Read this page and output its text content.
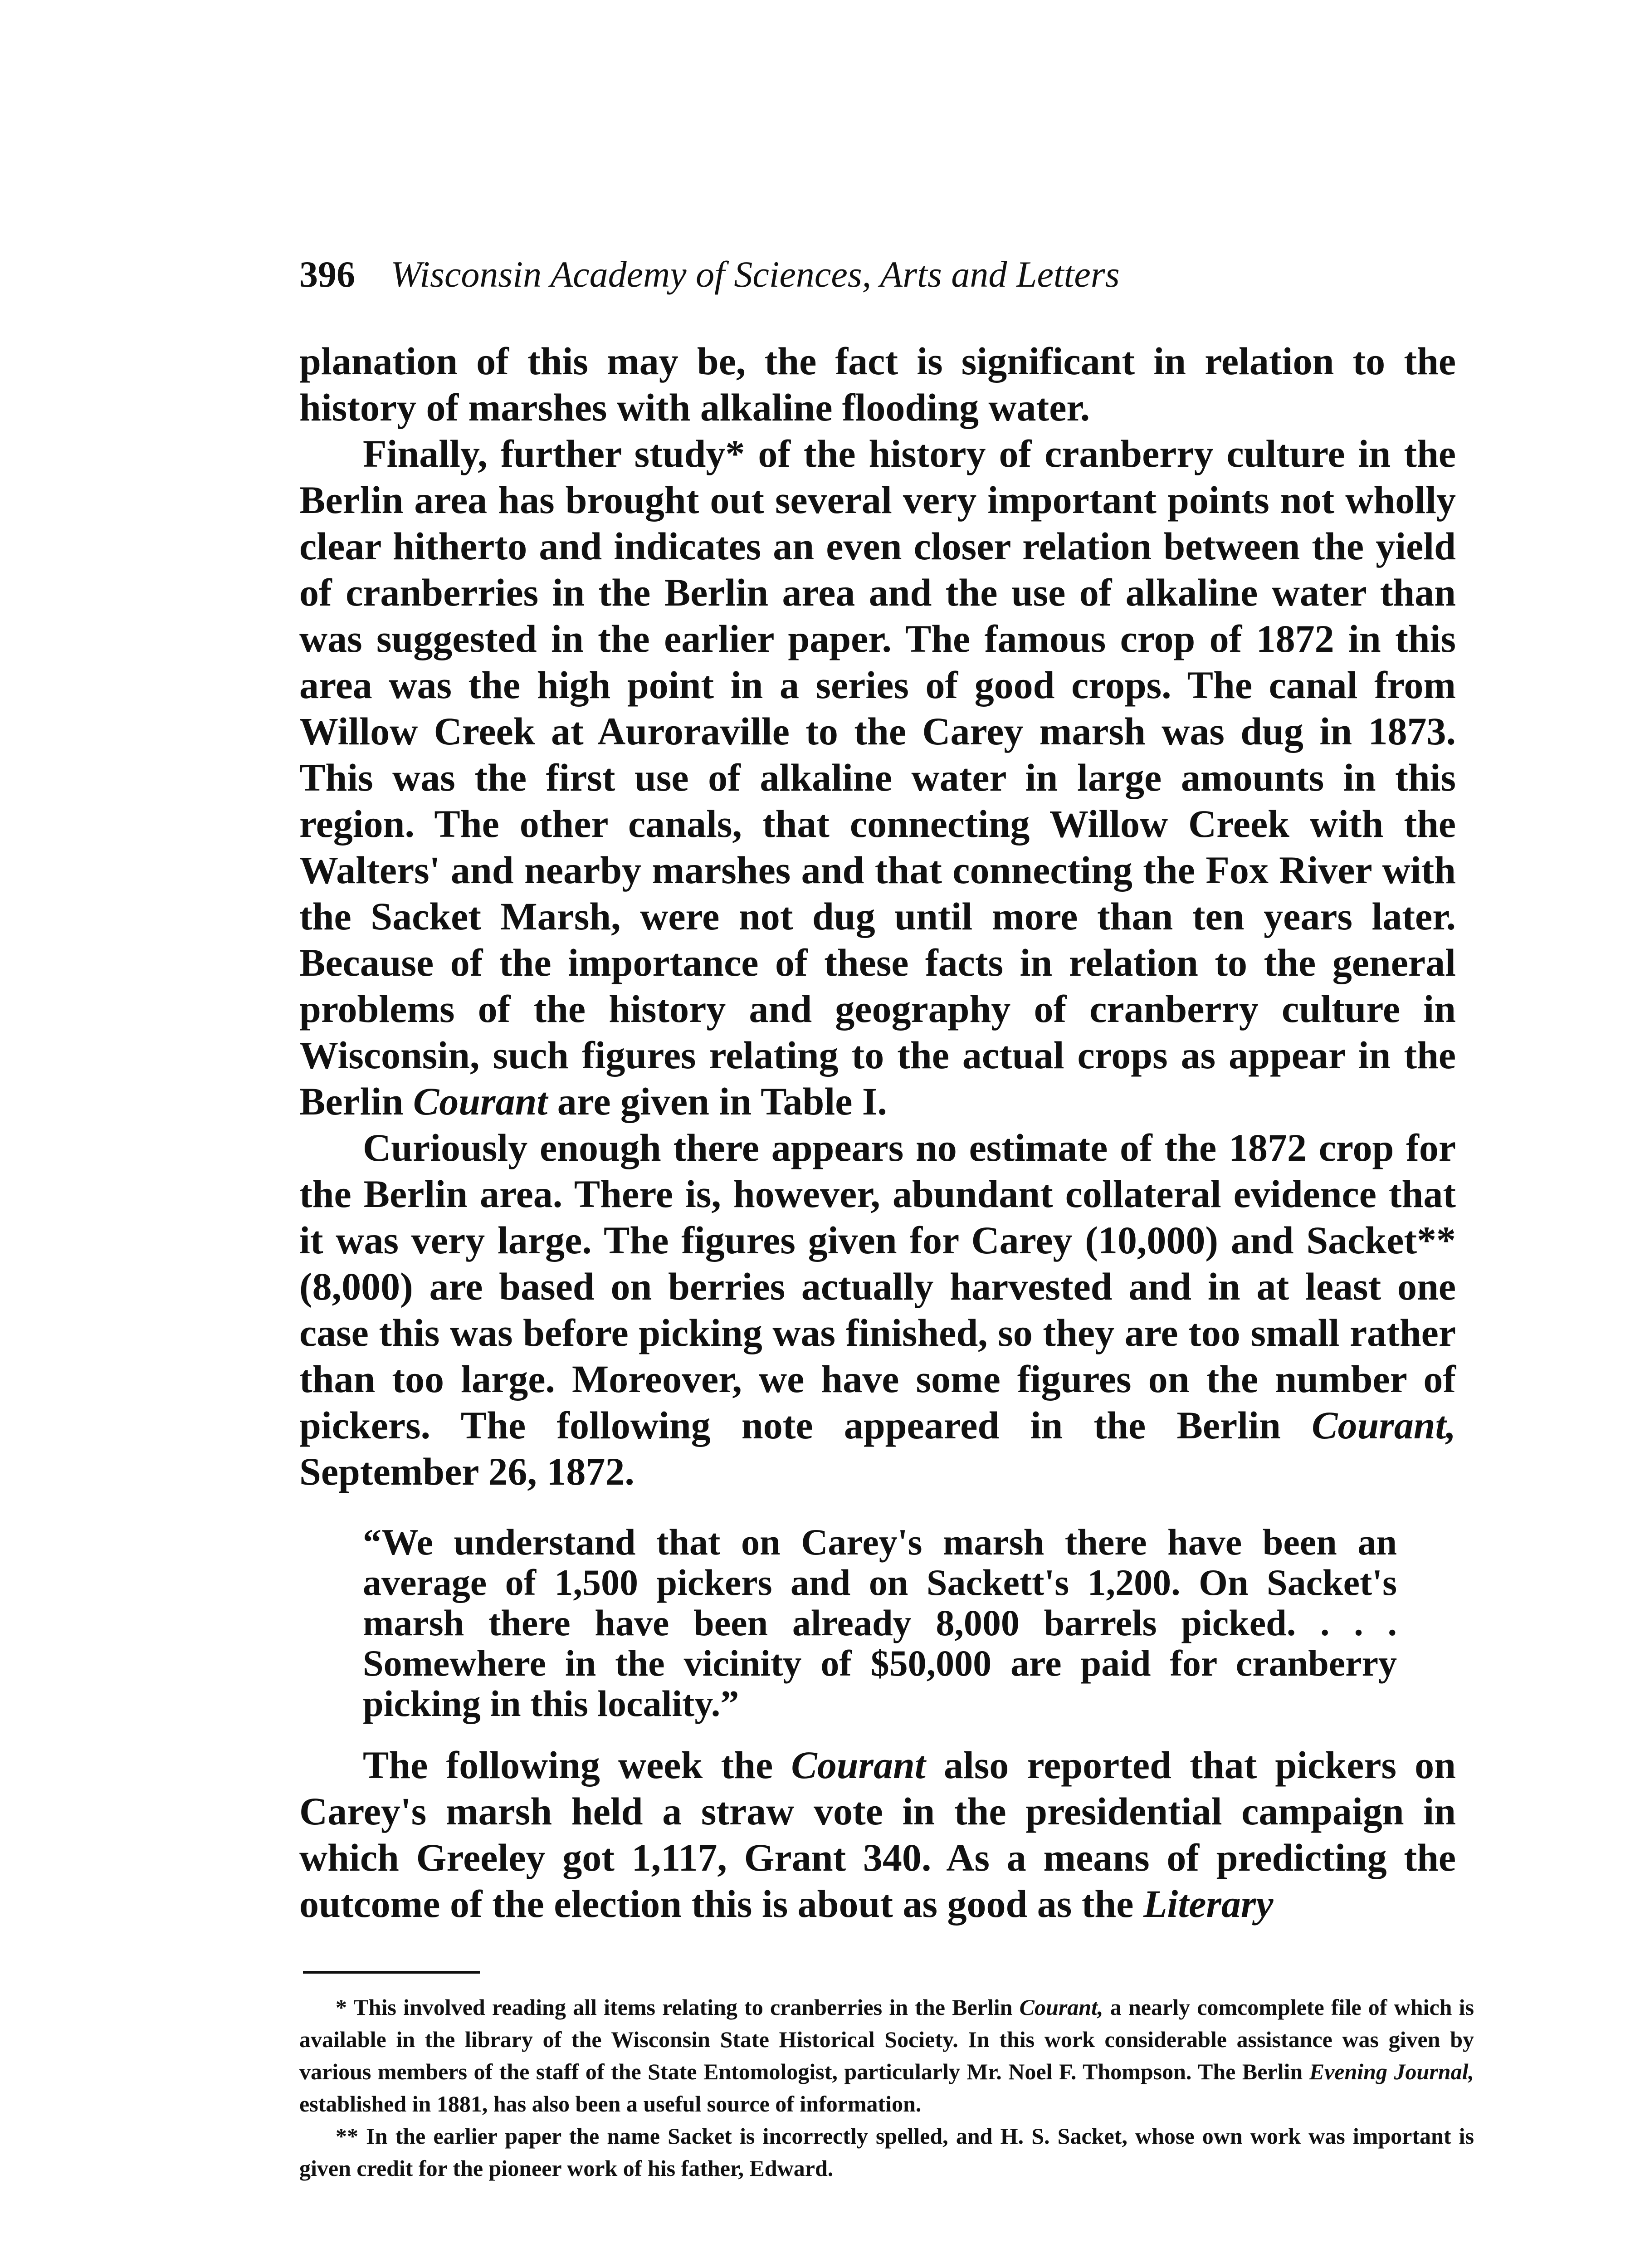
396 Wisconsin Academy of Sciences, Arts and Letters

planation of this may be, the fact is significant in relation to the history of marshes with alkaline flooding water.

Finally, further study* of the history of cranberry culture in the Berlin area has brought out several very important points not wholly clear hitherto and indicates an even closer relation between the yield of cranberries in the Berlin area and the use of alkaline water than was suggested in the earlier paper. The famous crop of 1872 in this area was the high point in a series of good crops. The canal from Willow Creek at Auroraville to the Carey marsh was dug in 1873. This was the first use of alkaline water in large amounts in this region. The other canals, that connecting Willow Creek with the Walters' and nearby marshes and that connecting the Fox River with the Sacket Marsh, were not dug until more than ten years later. Because of the importance of these facts in relation to the general problems of the history and geography of cranberry culture in Wisconsin, such figures relating to the actual crops as appear in the Berlin Courant are given in Table I.

Curiously enough there appears no estimate of the 1872 crop for the Berlin area. There is, however, abundant collateral evidence that it was very large. The figures given for Carey (10,000) and Sacket** (8,000) are based on berries actually harvested and in at least one case this was before picking was finished, so they are too small rather than too large. Moreover, we have some figures on the number of pickers. The following note appeared in the Berlin Courant, September 26, 1872.

“We understand that on Carey's marsh there have been an average of 1,500 pickers and on Sackett's 1,200. On Sacket's marsh there have been already 8,000 barrels picked. . . . Somewhere in the vicinity of $50,000 are paid for cranberry picking in this locality.”

The following week the Courant also reported that pickers on Carey's marsh held a straw vote in the presidential campaign in which Greeley got 1,117, Grant 340. As a means of predicting the outcome of the election this is about as good as the Literary

* This involved reading all items relating to cranberries in the Berlin Courant, a nearly comcomplete file of which is available in the library of the Wisconsin State Historical Society. In this work considerable assistance was given by various members of the staff of the State Entomologist, particularly Mr. Noel F. Thompson. The Berlin Evening Journal, established in 1881, has also been a useful source of information.

** In the earlier paper the name Sacket is incorrectly spelled, and H. S. Sacket, whose own work was important is given credit for the pioneer work of his father, Edward.
